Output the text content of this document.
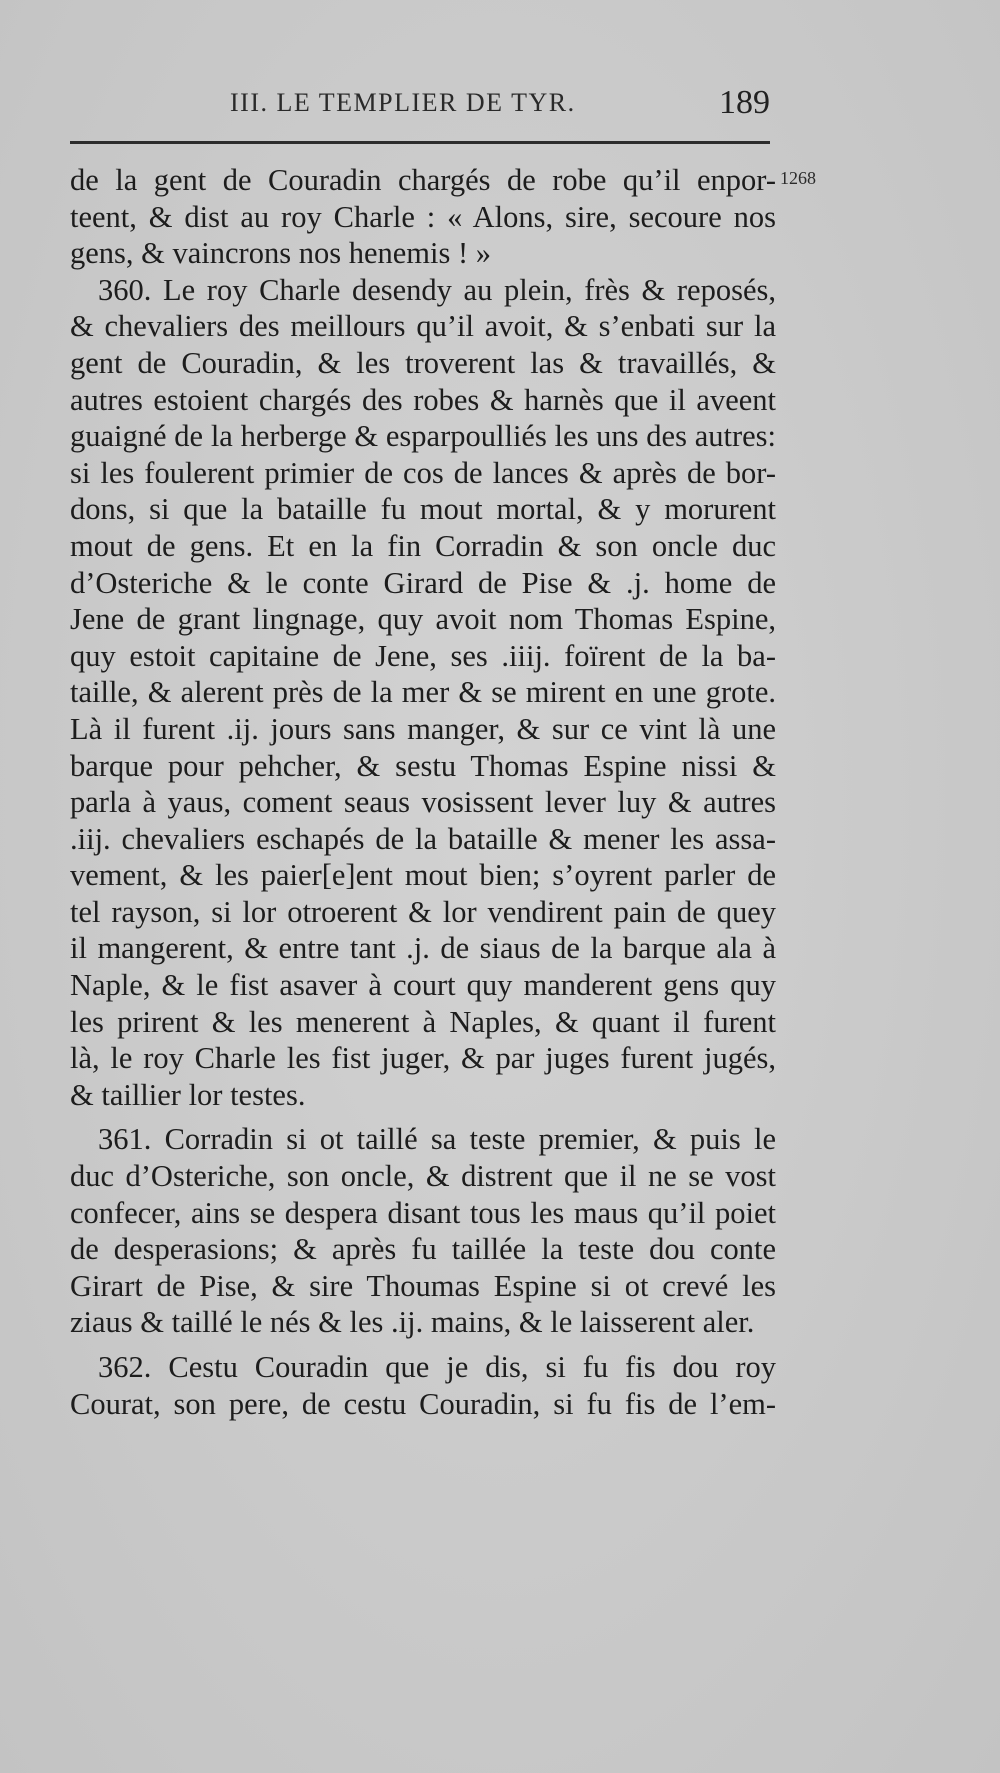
III. LE TEMPLIER DE TYR.	189
1268
de la gent de Couradin chargés de robe qu’il enpor-
teent, & dist au roy Charle : « Alons, sire, secoure nos
gens, & vaincrons nos henemis ! »
360. Le roy Charle desendy au plein, frès & reposés,
& chevaliers des meillours qu’il avoit, & s’enbati sur la
gent de Couradin, & les troverent las & travaillés, &
autres estoient chargés des robes & harnès que il aveent
guaigné de la herberge & esparpoulliés les uns des autres:
si les foulerent primier de cos de lances & après de bor-
dons, si que la bataille fu mout mortal, & y morurent
mout de gens. Et en la fin Corradin & son oncle duc
d’Osteriche & le conte Girard de Pise & .j. home de
Jene de grant lingnage, quy avoit nom Thomas Espine,
quy estoit capitaine de Jene, ses .iiij. foïrent de la ba-
taille, & alerent près de la mer & se mirent en une grote.
Là il furent .ij. jours sans manger, & sur ce vint là une
barque pour pehcher, & sestu Thomas Espine nissi &
parla à yaus, coment seaus vosissent lever luy & autres
.iij. chevaliers eschapés de la bataille & mener les assa-
vement, & les paier[e]ent mout bien; s’oyrent parler de
tel rayson, si lor otroerent & lor vendirent pain de quey
il mangerent, & entre tant .j. de siaus de la barque ala à
Naple, & le fist asaver à court quy manderent gens quy
les prirent & les menerent à Naples, & quant il furent
là, le roy Charle les fist juger, & par juges furent jugés,
& taillier lor testes.
361. Corradin si ot taillé sa teste premier, & puis le
duc d’Osteriche, son oncle, & distrent que il ne se vost
confecer, ains se despera disant tous les maus qu’il poiet
de desperasions; & après fu taillée la teste dou conte
Girart de Pise, & sire Thoumas Espine si ot crevé les
ziaus & taillé le nés & les .ij. mains, & le laisserent aler.
362. Cestu Couradin que je dis, si fu fis dou roy
Courat, son pere, de cestu Couradin, si fu fis de l’em-
